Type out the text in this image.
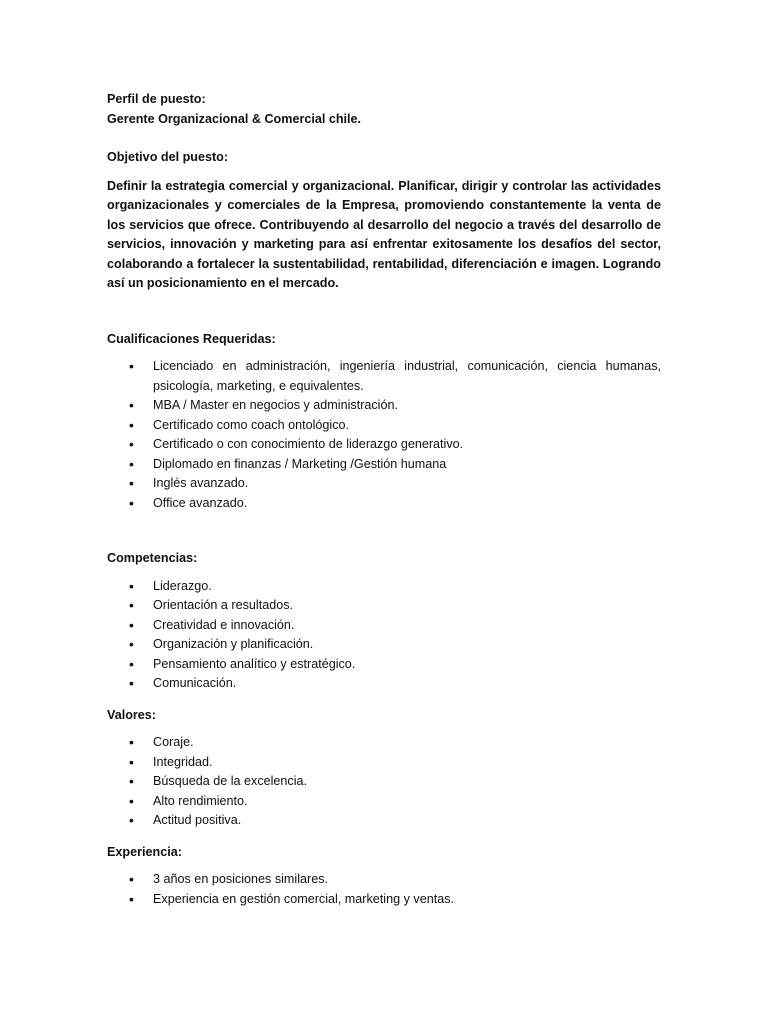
Perfil de puesto:

Gerente Organizacional & Comercial chile.

Objetivo del puesto:

Definir la estrategia comercial y organizacional. Planificar, dirigir y controlar las actividades organizacionales y comerciales de la Empresa, promoviendo constantemente la venta de los servicios que ofrece. Contribuyendo al desarrollo del negocio a través del desarrollo de servicios, innovación y marketing para así enfrentar exitosamente los desafíos del sector, colaborando a fortalecer la sustentabilidad, rentabilidad, diferenciación e imagen. Logrando así un posicionamiento en el mercado.

Cualificaciones Requeridas:

• Licenciado en administración, ingeniería industrial, comunicación, ciencia humanas, psicología, marketing, e equivalentes.
• MBA / Master en negocios y administración.
• Certificado como coach ontológico.
• Certificado o con conocimiento de liderazgo generativo.
• Diplomado en finanzas / Marketing /Gestión humana
• Inglés avanzado.
• Office avanzado.

Competencias:

• Liderazgo.
• Orientación a resultados.
• Creatividad e innovación.
• Organización y planificación.
• Pensamiento analítico y estratégico.
• Comunicación.

Valores:

• Coraje.
• Integridad.
• Búsqueda de la excelencia.
• Alto rendimiento.
• Actitud positiva.

Experiencia:

• 3 años en posiciones similares.
• Experiencia en gestión comercial, marketing y ventas.
